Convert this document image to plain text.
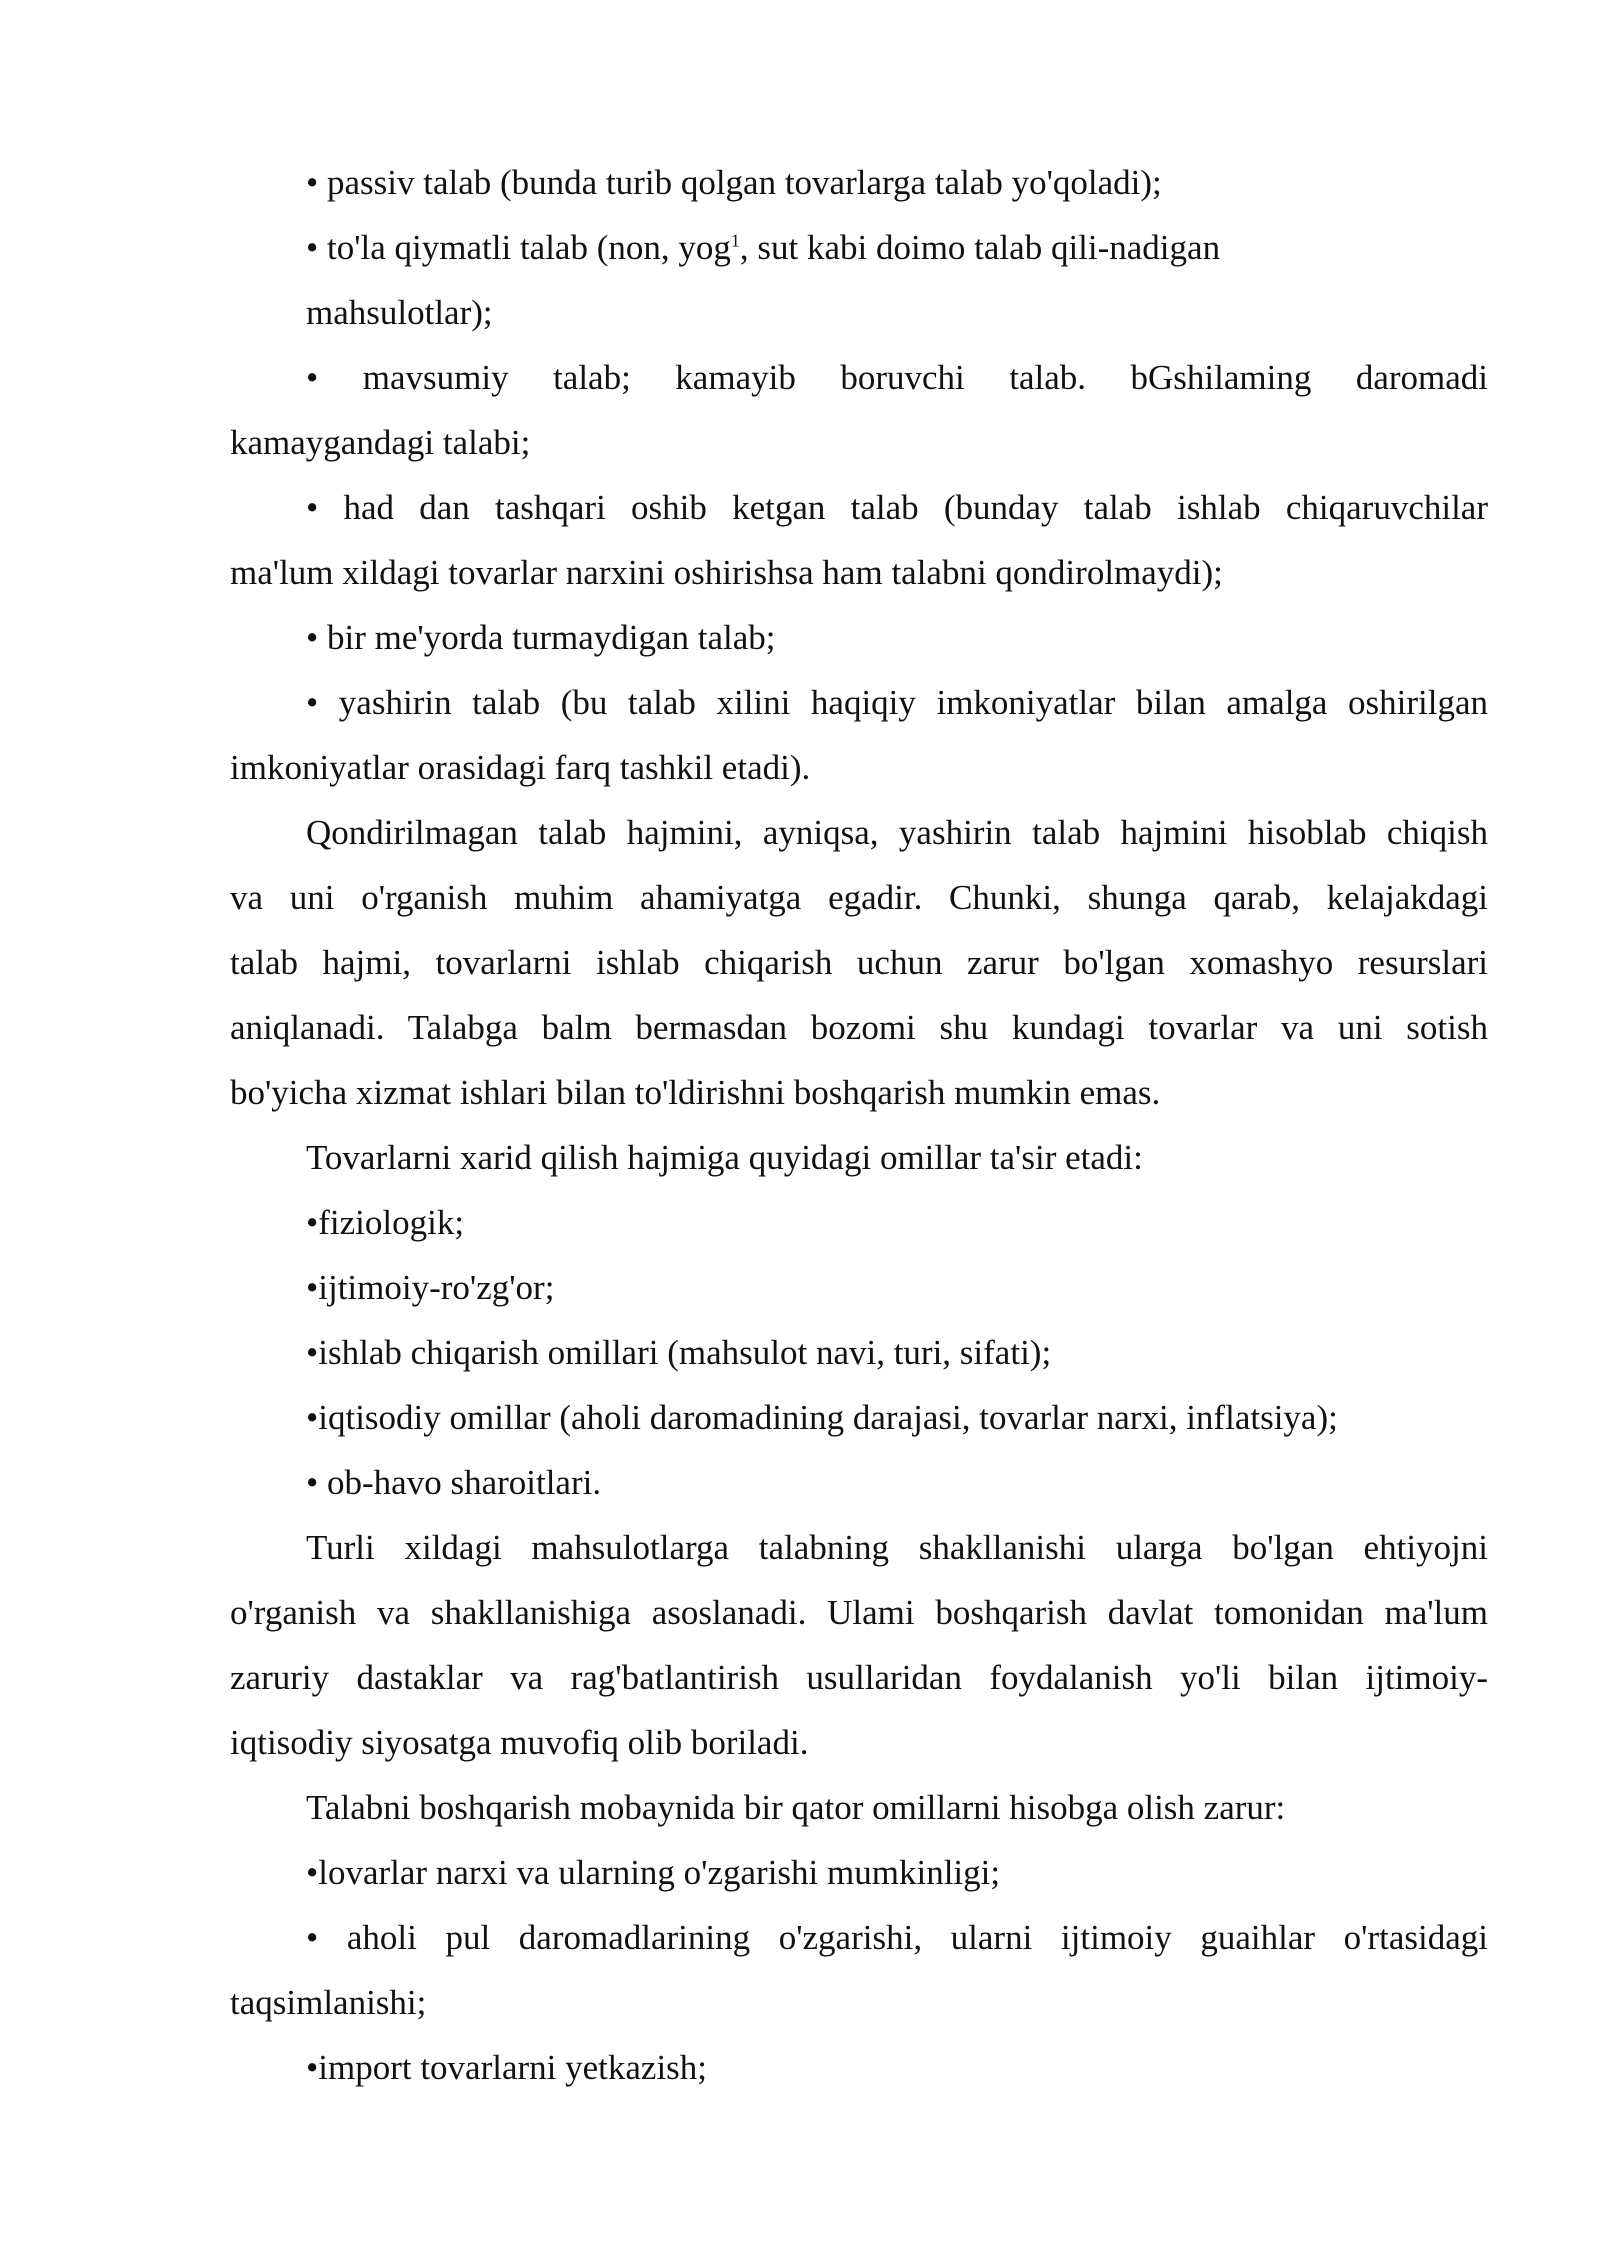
• passiv talab (bunda turib qolgan tovarlarga talab yo'qoladi);
• to'la qiymatli talab (non, yog$^1$, sut kabi doimo talab qili-nadigan
mahsulotlar);
• mavsumiy talab; kamayib boruvchi talab. bGshilaming daromadi
kamaygandagi talabi;
• had dan tashqari oshib ketgan talab (bunday talab ishlab chiqaruvchilar
ma'lum xildagi tovarlar narxini oshirishsa ham talabni qondirolmaydi);
• bir me'yorda turmaydigan talab;
• yashirin talab (bu talab xilini haqiqiy imkoniyatlar bilan amalga oshirilgan
imkoniyatlar orasidagi farq tashkil etadi).
Qondirilmagan talab hajmini, ayniqsa, yashirin talab hajmini hisoblab chiqish
va uni o'rganish muhim ahamiyatga egadir. Chunki, shunga qarab, kelajakdagi
talab hajmi, tovarlarni ishlab chiqarish uchun zarur bo'lgan xomashyo resurslari
aniqlanadi. Talabga balm bermasdan bozomi shu kundagi tovarlar va uni sotish
bo'yicha xizmat ishlari bilan to'ldirishni boshqarish mumkin emas.
Tovarlarni xarid qilish hajmiga quyidagi omillar ta'sir etadi:
•fiziologik;
•ijtimoiy-ro'zg'or;
•ishlab chiqarish omillari (mahsulot navi, turi, sifati);
•iqtisodiy omillar (aholi daromadining darajasi, tovarlar narxi, inflatsiya);
• ob-havo sharoitlari.
Turli xildagi mahsulotlarga talabning shakllanishi ularga bo'lgan ehtiyojni
o'rganish va shakllanishiga asoslanadi. Ulami boshqarish davlat tomonidan ma'lum
zaruriy dastaklar va rag'batlantirish usullaridan foydalanish yo'li bilan ijtimoiy-
iqtisodiy siyosatga muvofiq olib boriladi.
Talabni boshqarish mobaynida bir qator omillarni hisobga olish zarur:
•lovarlar narxi va ularning o'zgarishi mumkinligi;
• aholi pul daromadlarining o'zgarishi, ularni ijtimoiy guaihlar o'rtasidagi
taqsimlanishi;
•import tovarlarni yetkazish;
